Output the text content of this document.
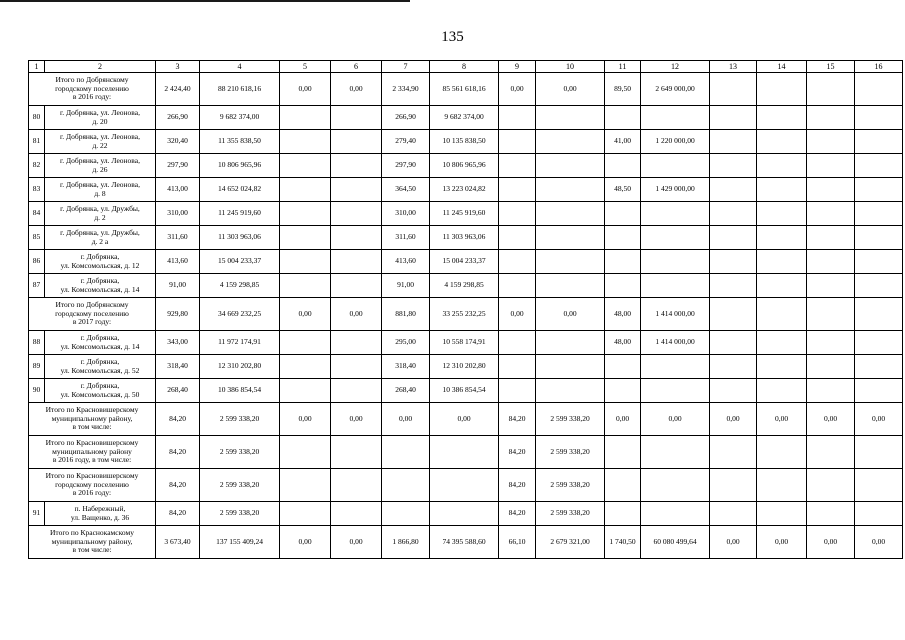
135
1	2	3	4	5	6	7	8	9	10	11	12	13	14	15	16
Итого по Добрянскому
городскому поселению
в 2016 году:		2 424,40	88 210 618,16	0,00	0,00	2 334,90	85 561 618,16	0,00	0,00	89,50	2 649 000,00				
80	г. Добрянка, ул. Леонова,
д. 20	266,90	9 682 374,00			266,90	9 682 374,00								
81	г. Добрянка, ул. Леонова,
д. 22	320,40	11 355 838,50			279,40	10 135 838,50			41,00	1 220 000,00				
82	г. Добрянка, ул. Леонова,
д. 26	297,90	10 806 965,96			297,90	10 806 965,96								
83	г. Добрянка, ул. Леонова,
д. 8	413,00	14 652 024,82			364,50	13 223 024,82			48,50	1 429 000,00				
84	г. Добрянка, ул. Дружбы,
д. 2	310,00	11 245 919,60			310,00	11 245 919,60								
85	г. Добрянка, ул. Дружбы,
д. 2 а	311,60	11 303 963,06			311,60	11 303 963,06								
86	г. Добрянка,
ул. Комсомольская, д. 12	413,60	15 004 233,37			413,60	15 004 233,37								
87	г. Добрянка,
ул. Комсомольская, д. 14	91,00	4 159 298,85			91,00	4 159 298,85								
Итого по Добрянскому
городскому поселению
в 2017 году:		929,80	34 669 232,25	0,00	0,00	881,80	33 255 232,25	0,00	0,00	48,00	1 414 000,00				
88	г. Добрянка,
ул. Комсомольская, д. 14	343,00	11 972 174,91			295,00	10 558 174,91			48,00	1 414 000,00				
89	г. Добрянка,
ул. Комсомольская, д. 52	318,40	12 310 202,80			318,40	12 310 202,80								
90	г. Добрянка,
ул. Комсомольская, д. 50	268,40	10 386 854,54			268,40	10 386 854,54								
Итого по Красновишерскому
муниципальному району,
в том числе:		84,20	2 599 338,20	0,00	0,00	0,00	0,00	84,20	2 599 338,20	0,00	0,00	0,00	0,00	0,00	0,00
Итого по Красновишерскому
муниципальному району
в 2016 году, в том числе:		84,20	2 599 338,20					84,20	2 599 338,20						
Итого по Красновишерскому
городскому поселению
в 2016 году:		84,20	2 599 338,20					84,20	2 599 338,20						
91	п. Набережный,
ул. Ващенко, д. 36	84,20	2 599 338,20					84,20	2 599 338,20						
Итого по Краснокамскому
муниципальному району,
в том числе:		3 673,40	137 155 409,24	0,00	0,00	1 866,80	74 395 588,60	66,10	2 679 321,00	1 740,50	60 080 499,64	0,00	0,00	0,00	0,00
